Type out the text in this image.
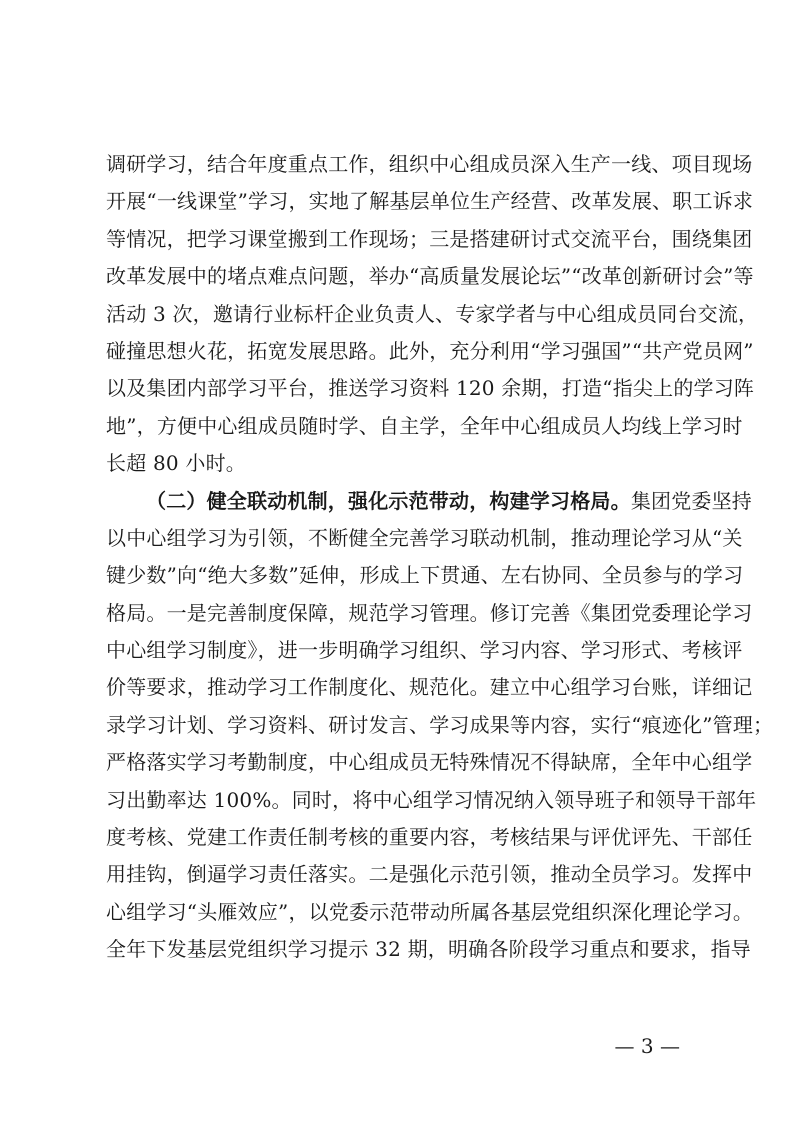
调研学习，结合年度重点工作，组织中心组成员深入生产一线、项目现场
开展“一线课堂”学习，实地了解基层单位生产经营、改革发展、职工诉求
等情况，把学习课堂搬到工作现场；三是搭建研讨式交流平台，围绕集团
改革发展中的堵点难点问题，举办“高质量发展论坛”“改革创新研讨会”等
活动 3 次，邀请行业标杆企业负责人、专家学者与中心组成员同台交流，
碰撞思想火花，拓宽发展思路。此外，充分利用“学习强国”“共产党员网”
以及集团内部学习平台，推送学习资料 120 余期，打造“指尖上的学习阵
地”，方便中心组成员随时学、自主学，全年中心组成员人均线上学习时
长超 80 小时。
（二）健全联动机制，强化示范带动，构建学习格局。集团党委坚持
以中心组学习为引领，不断健全完善学习联动机制，推动理论学习从“关
键少数”向“绝大多数”延伸，形成上下贯通、左右协同、全员参与的学习
格局。一是完善制度保障，规范学习管理。修订完善《集团党委理论学习
中心组学习制度》，进一步明确学习组织、学习内容、学习形式、考核评
价等要求，推动学习工作制度化、规范化。建立中心组学习台账，详细记
录学习计划、学习资料、研讨发言、学习成果等内容，实行“痕迹化”管理；
严格落实学习考勤制度，中心组成员无特殊情况不得缺席，全年中心组学
习出勤率达 100%。同时，将中心组学习情况纳入领导班子和领导干部年
度考核、党建工作责任制考核的重要内容，考核结果与评优评先、干部任
用挂钩，倒逼学习责任落实。二是强化示范引领，推动全员学习。发挥中
心组学习“头雁效应”，以党委示范带动所属各基层党组织深化理论学习。
全年下发基层党组织学习提示 32 期，明确各阶段学习重点和要求，指导
— 3 —
